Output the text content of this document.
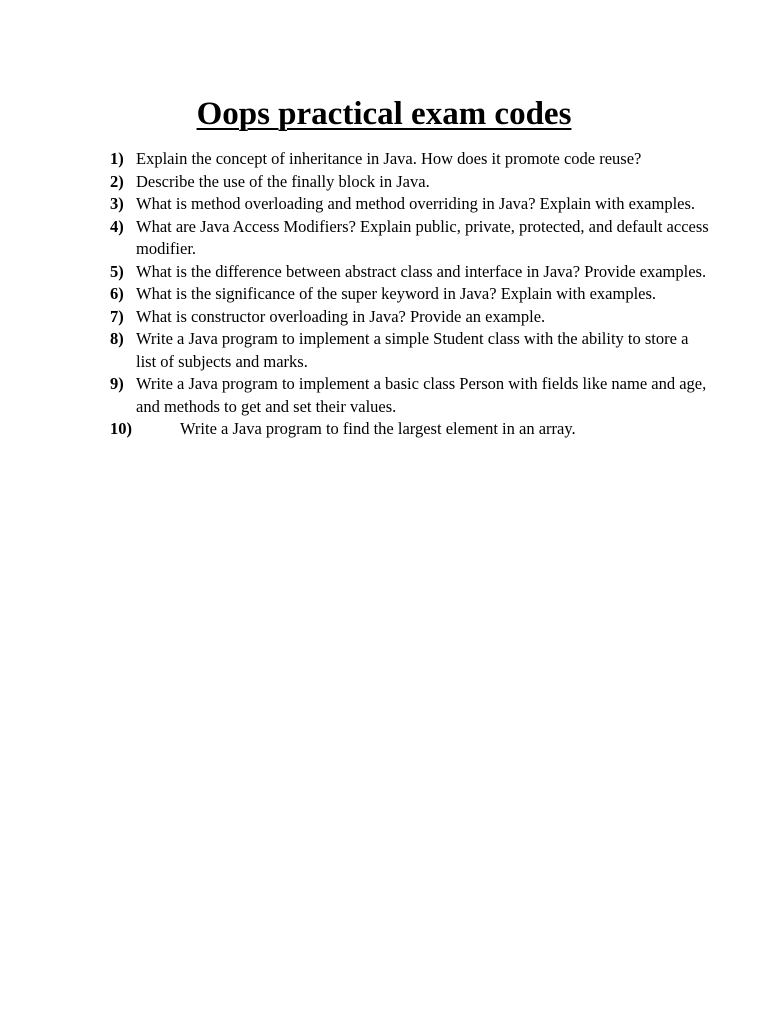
Oops practical exam codes
1) Explain the concept of inheritance in Java. How does it promote code reuse?
2) Describe the use of the finally block in Java.
3) What is method overloading and method overriding in Java? Explain with examples.
4) What are Java Access Modifiers? Explain public, private, protected, and default access modifier.
5) What is the difference between abstract class and interface in Java? Provide examples.
6) What is the significance of the super keyword in Java? Explain with examples.
7) What is constructor overloading in Java? Provide an example.
8) Write a Java program to implement a simple Student class with the ability to store a list of subjects and marks.
9) Write a Java program to implement a basic class Person with fields like name and age, and methods to get and set their values.
10)	Write a Java program to find the largest element in an array.
